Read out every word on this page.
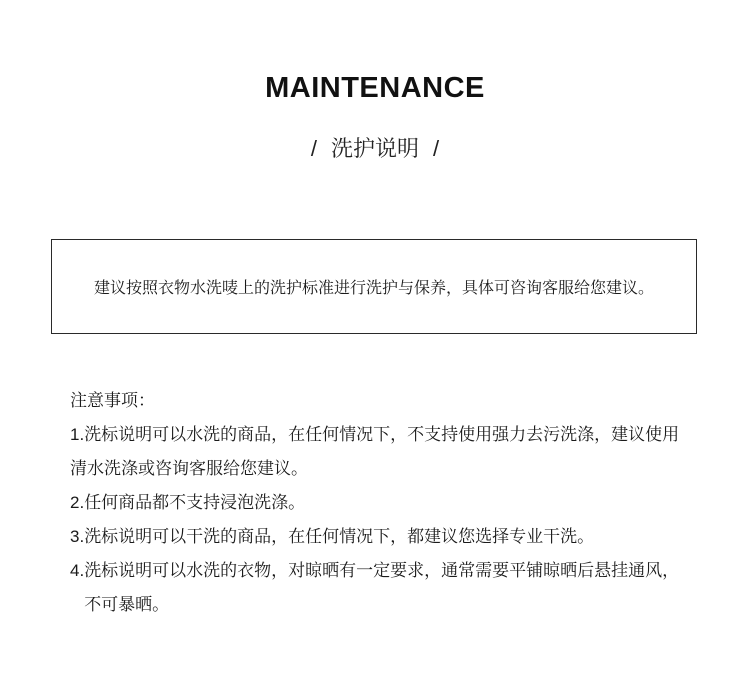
MAINTENANCE
/ 洗护说明 /
建议按照衣物水洗唛上的洗护标准进行洗护与保养，具体可咨询客服给您建议。
注意事项：
1.洗标说明可以水洗的商品，在任何情况下，不支持使用强力去污洗涤，建议使用清水洗涤或咨询客服给您建议。
2. 任何商品都不支持浸泡洗涤。
3. 洗标说明可以干洗的商品，在任何情况下，都建议您选择专业干洗。
4. 洗标说明可以水洗的衣物，对晾晒有一定要求，通常需要平铺晾晒后悬挂通风，不可暴晒。
